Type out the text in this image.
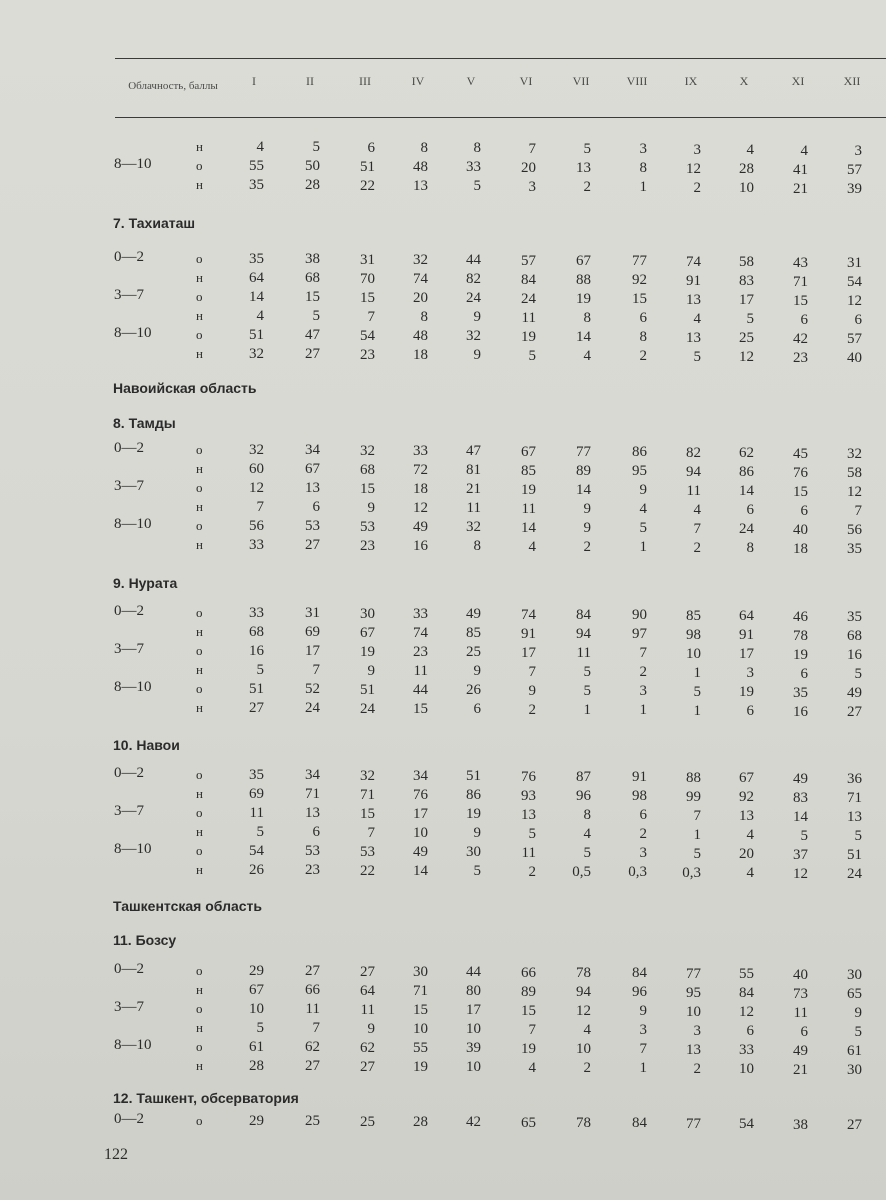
Облачность, баллы	I	II	III	IV	V	VI	VII	VIII	IX	X	XI	XII
н	4	5	6	8	8	7	5	3	3	4	4	3
8—10	о	55	50	51	48	33	20	13	8	12	28	41	57
н	35	28	22	13	5	3	2	1	2	10	21	39
7. Тахиаташ
0—2	о	35	38	31	32	44	57	67	77	74	58	43	31
н	64	68	70	74	82	84	88	92	91	83	71	54
3—7	о	14	15	15	20	24	24	19	15	13	17	15	12
н	4	5	7	8	9	11	8	6	4	5	6	6
8—10	о	51	47	54	48	32	19	14	8	13	25	42	57
н	32	27	23	18	9	5	4	2	5	12	23	40
Навоийская область
8. Тамды
0—2	о	32	34	32	33	47	67	77	86	82	62	45	32
н	60	67	68	72	81	85	89	95	94	86	76	58
3—7	о	12	13	15	18	21	19	14	9	11	14	15	12
н	7	6	9	12	11	11	9	4	4	6	6	7
8—10	о	56	53	53	49	32	14	9	5	7	24	40	56
н	33	27	23	16	8	4	2	1	2	8	18	35
9. Нурата
0—2	о	33	31	30	33	49	74	84	90	85	64	46	35
н	68	69	67	74	85	91	94	97	98	91	78	68
3—7	о	16	17	19	23	25	17	11	7	10	17	19	16
н	5	7	9	11	9	7	5	2	1	3	6	5
8—10	о	51	52	51	44	26	9	5	3	5	19	35	49
н	27	24	24	15	6	2	1	1	1	6	16	27
10. Навои
0—2	о	35	34	32	34	51	76	87	91	88	67	49	36
н	69	71	71	76	86	93	96	98	99	92	83	71
3—7	о	11	13	15	17	19	13	8	6	7	13	14	13
н	5	6	7	10	9	5	4	2	1	4	5	5
8—10	о	54	53	53	49	30	11	5	3	5	20	37	51
н	26	23	22	14	5	2	0,5	0,3	0,3	4	12	24
Ташкентская область
11. Бозсу
0—2	о	29	27	27	30	44	66	78	84	77	55	40	30
н	67	66	64	71	80	89	94	96	95	84	73	65
3—7	о	10	11	11	15	17	15	12	9	10	12	11	9
н	5	7	9	10	10	7	4	3	3	6	6	5
8—10	о	61	62	62	55	39	19	10	7	13	33	49	61
н	28	27	27	19	10	4	2	1	2	10	21	30
12. Ташкент, обсерватория
0—2	о	29	25	25	28	42	65	78	84	77	54	38	27
122
